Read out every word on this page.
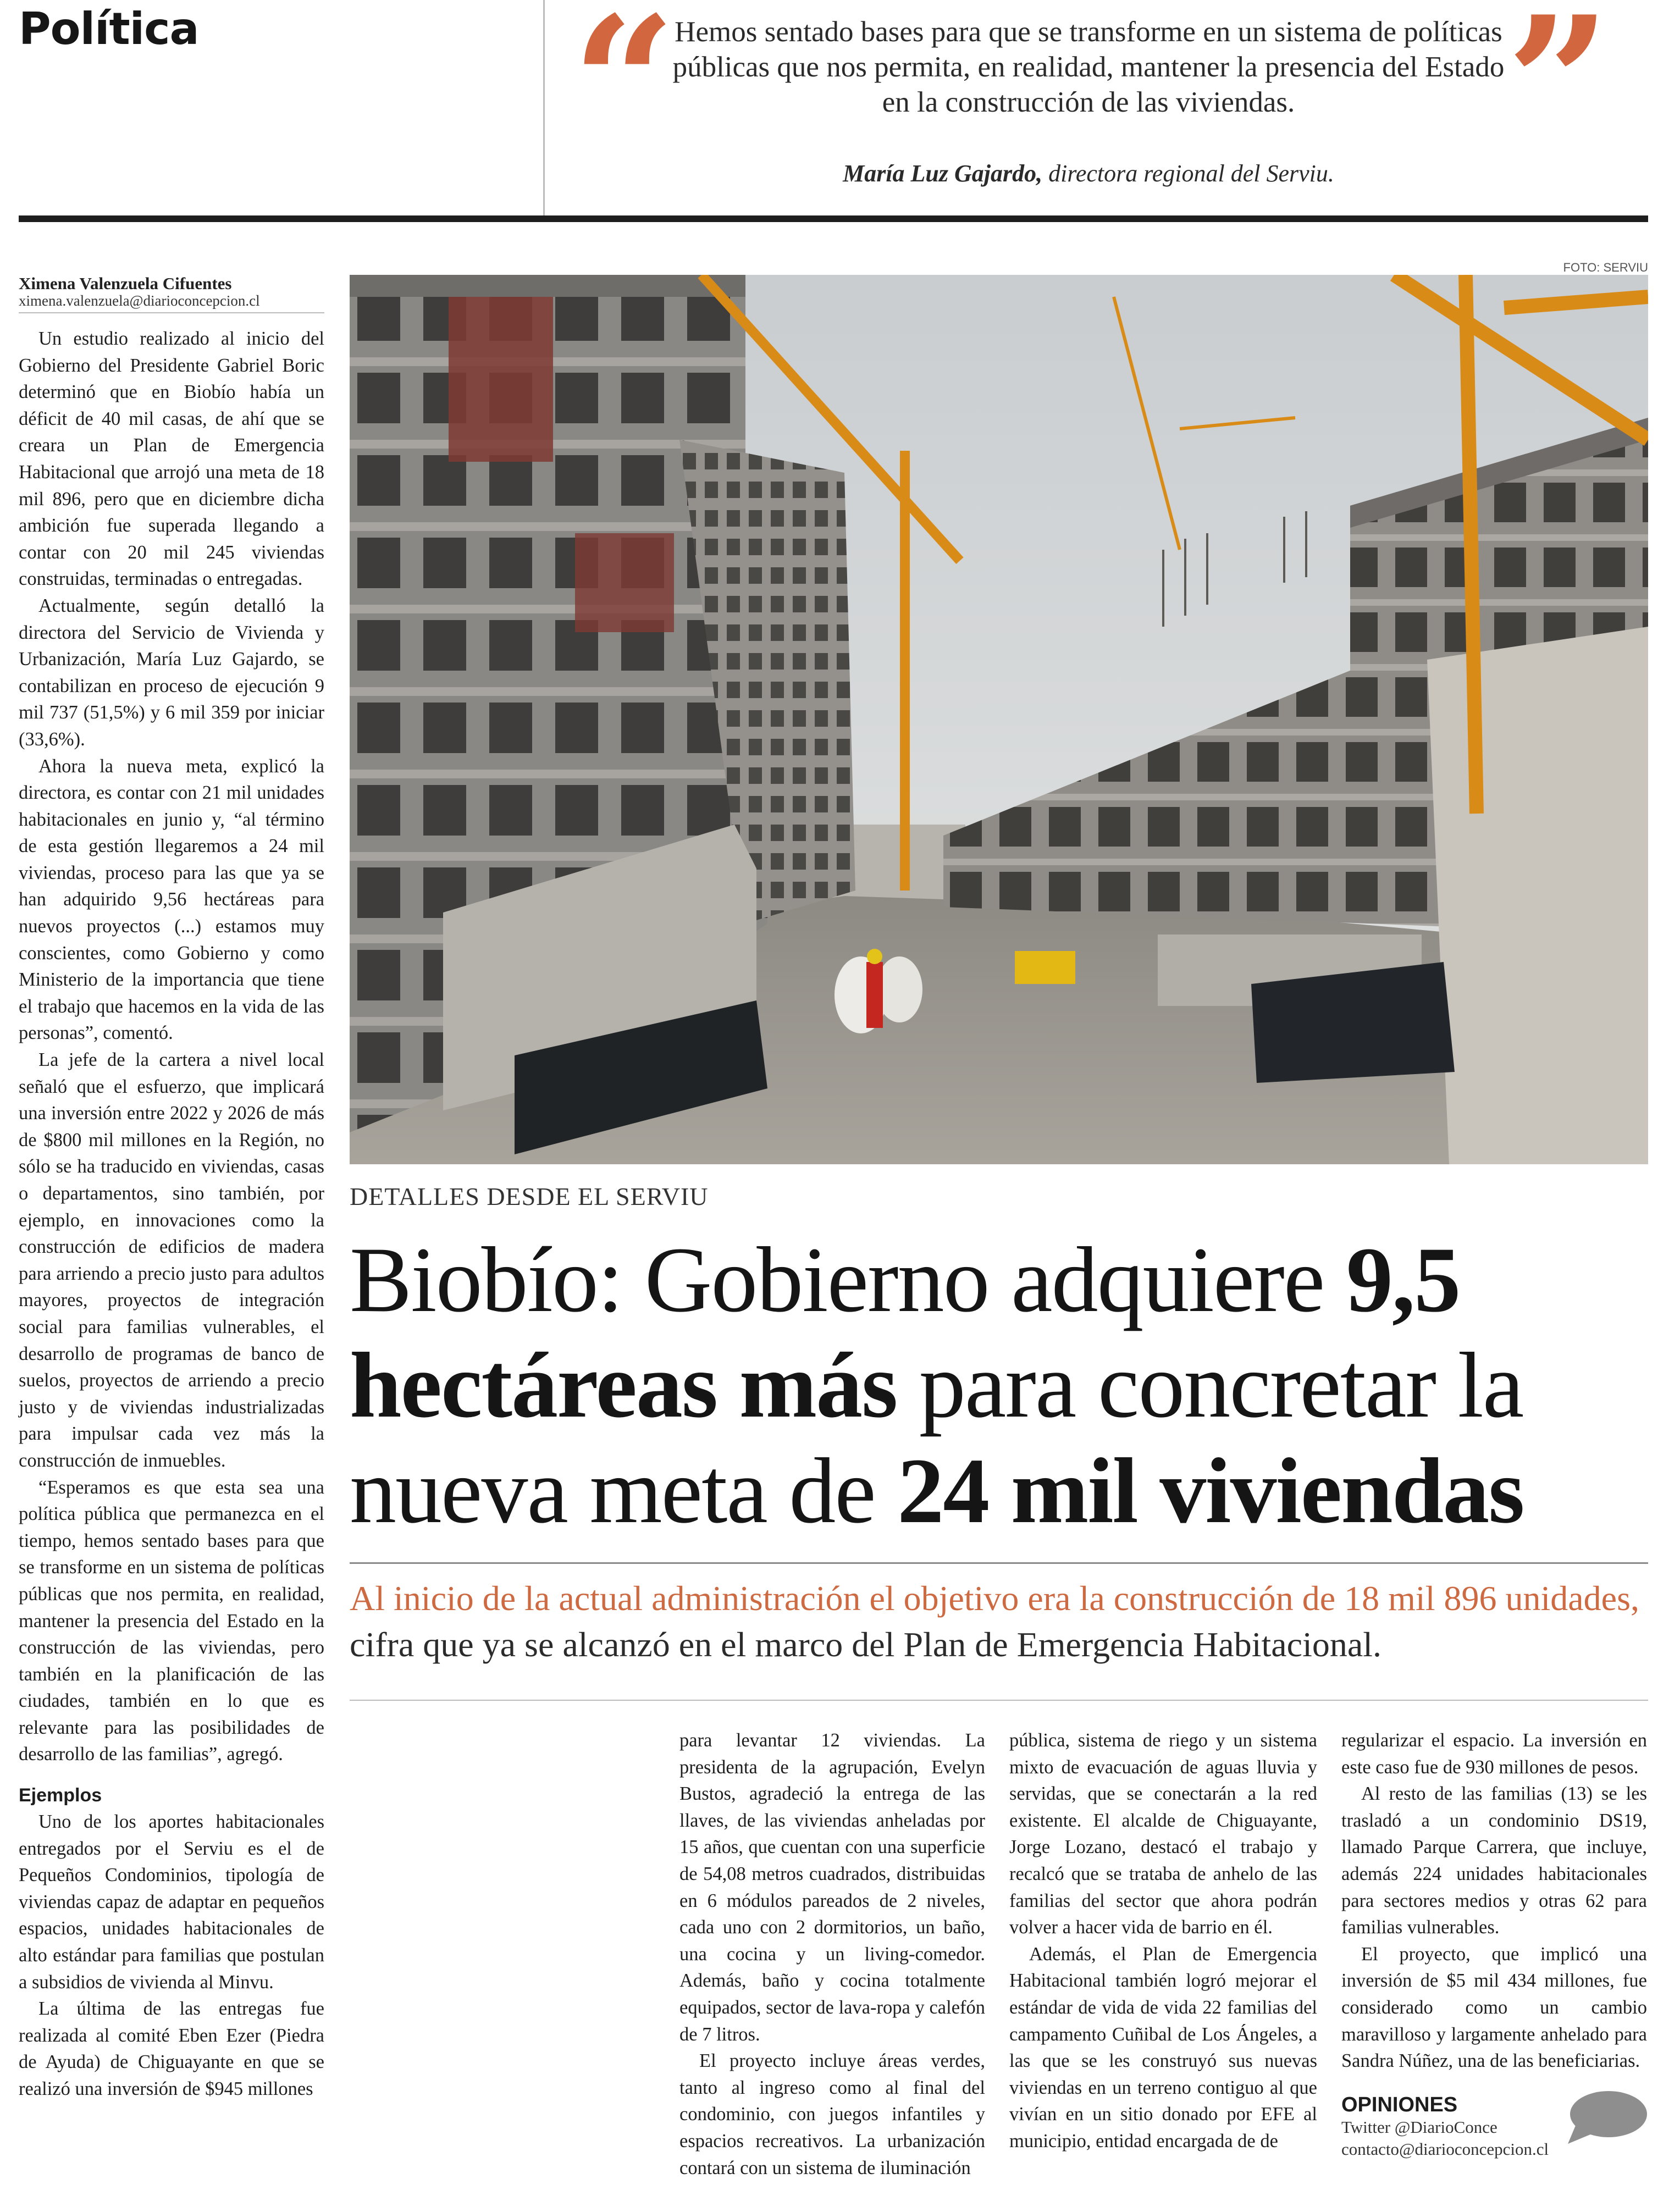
Política “
Hemos sentado bases para que se transforme en un sistema de políticas públicas que nos permita, en realidad, mantener la presencia del Estado en la construcción de las viviendas.	”
María Luz Gajardo, directora regional del Serviu.
Ximena Valenzuela Cifuentes
ximena.valenzuela@diarioconcepcion.cl

Un estudio realizado al inicio del Gobierno del Presidente Gabriel Boric determinó que en Biobío había un déficit de 40 mil casas, de ahí que se creara un Plan de Emergencia Habitacional que arrojó una meta de 18 mil 896, pero que en diciembre dicha ambición fue superada llegando a contar con 20 mil 245 viviendas construidas, terminadas o entregadas.

Actualmente, según detalló la directora del Servicio de Vivienda y Urbanización, María Luz Gajardo, se contabilizan en proceso de ejecución 9 mil 737 (51,5%) y 6 mil 359 por iniciar (33,6%).

Ahora la nueva meta, explicó la directora, es contar con 21 mil unidades habitacionales en junio y, “al término de esta gestión llegaremos a 24 mil viviendas, proceso para las que ya se han adquirido 9,56 hectáreas para nuevos proyectos (...) estamos muy conscientes, como Gobierno y como Ministerio de la importancia que tiene el trabajo que hacemos en la vida de las personas”, comentó.

La jefe de la cartera a nivel local señaló que el esfuerzo, que implicará una inversión entre 2022 y 2026 de más de $800 mil millones en la Región, no sólo se ha traducido en viviendas, casas o departamentos, sino también, por ejemplo, en innovaciones como la construcción de edificios de madera para arriendo a precio justo para adultos mayores, proyectos de integración social para familias vulnerables, el desarrollo de programas de banco de suelos, proyectos de arriendo a precio justo y de viviendas industrializadas para impulsar cada vez más la construcción de inmuebles.

“Esperamos es que esta sea una política pública que permanezca en el tiempo, hemos sentado bases para que se transforme en un sistema de políticas públicas que nos permita, en realidad, mantener la presencia del Estado en la construcción de las viviendas, pero también en la planificación de las ciudades, también en lo que es relevante para las posibilidades de desarrollo de las familias”, agregó.

Ejemplos

Uno de los aportes habitacionales entregados por el Serviu es el de Pequeños Condominios, tipología de viviendas capaz de adaptar en pequeños espacios, unidades habitacionales de alto estándar para familias que postulan a subsidios de vivienda al Minvu.

La última de las entregas fue realizada al comité Eben Ezer (Piedra de Ayuda) de Chiguayante en que se realizó una inversión de $945 millones

FOTO: SERVIU
DETALLES DESDE EL SERVIU
Biobío: Gobierno adquiere 9,5 hectáreas más para concretar la nueva meta de 24 mil viviendas
Al inicio de la actual administración el objetivo era la construcción de 18 mil 896 unidades, cifra que ya se alcanzó en el marco del Plan de Emergencia Habitacional.

para levantar 12 viviendas. La presidenta de la agrupación, Evelyn Bustos, agradeció la entrega de las llaves, de las viviendas anheladas por 15 años, que cuentan con una superficie de 54,08 metros cuadrados, distribuidas en 6 módulos pareados de 2 niveles, cada uno con 2 dormitorios, un baño, una cocina y un living-comedor. Además, baño y cocina totalmente equipados, sector de lava-ropa y calefón de 7 litros.

El proyecto incluye áreas verdes, tanto al ingreso como al final del condominio, con juegos infantiles y espacios recreativos. La urbanización contará con un sistema de iluminación

pública, sistema de riego y un sistema mixto de evacuación de aguas lluvia y servidas, que se conectarán a la red existente. El alcalde de Chiguayante, Jorge Lozano, destacó el trabajo y recalcó que se trataba de anhelo de las familias del sector que ahora podrán volver a hacer vida de barrio en él.

Además, el Plan de Emergencia Habitacional también logró mejorar el estándar de vida de vida 22 familias del campamento Cuñibal de Los Ángeles, a las que se les construyó sus nuevas viviendas en un terreno contiguo al que vivían en un sitio donado por EFE al municipio, entidad encargada de de

regularizar el espacio. La inversión en este caso fue de 930 millones de pesos.

Al resto de las familias (13) se les trasladó a un condominio DS19, llamado Parque Carrera, que incluye, además 224 unidades habitacionales para sectores medios y otras 62 para familias vulnerables.

El proyecto, que implicó una inversión de $5 mil 434 millones, fue considerado como un cambio maravilloso y largamente anhelado para Sandra Núñez, una de las beneficiarias.

OPINIONES
Twitter @DiarioConce
contacto@diarioconcepcion.cl
